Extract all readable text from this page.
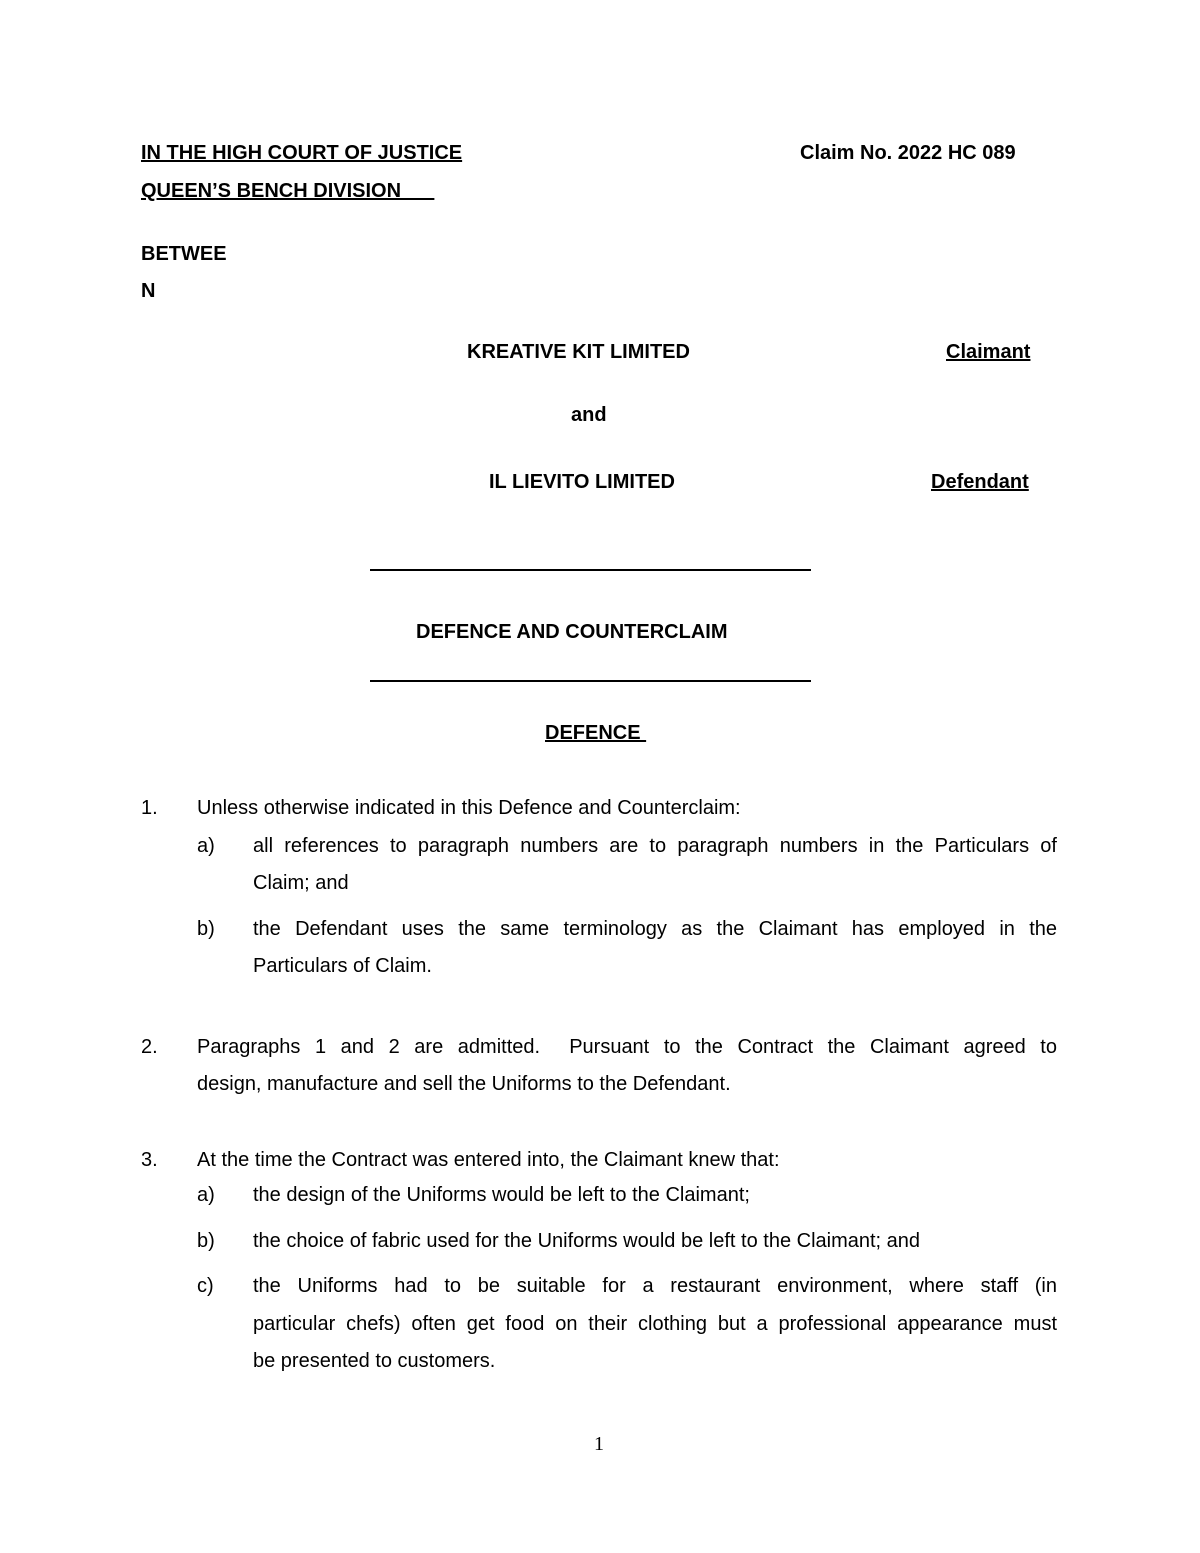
IN THE HIGH COURT OF JUSTICE	Claim No. 2022 HC 089
QUEEN’S BENCH DIVISION
BETWEE
N
KREATIVE KIT LIMITED	Claimant
and
IL LIEVITO LIMITED	Defendant
DEFENCE AND COUNTERCLAIM
DEFENCE
1. Unless otherwise indicated in this Defence and Counterclaim:
a) all references to paragraph numbers are to paragraph numbers in the Particulars of
Claim; and
b) the Defendant uses the same terminology as the Claimant has employed in the
Particulars of Claim.
2. Paragraphs 1 and 2 are admitted.  Pursuant to the Contract the Claimant agreed to
design, manufacture and sell the Uniforms to the Defendant.
3. At the time the Contract was entered into, the Claimant knew that:
a) the design of the Uniforms would be left to the Claimant;
b) the choice of fabric used for the Uniforms would be left to the Claimant; and
c) the Uniforms had to be suitable for a restaurant environment, where staff (in
particular chefs) often get food on their clothing but a professional appearance must
be presented to customers.
1
